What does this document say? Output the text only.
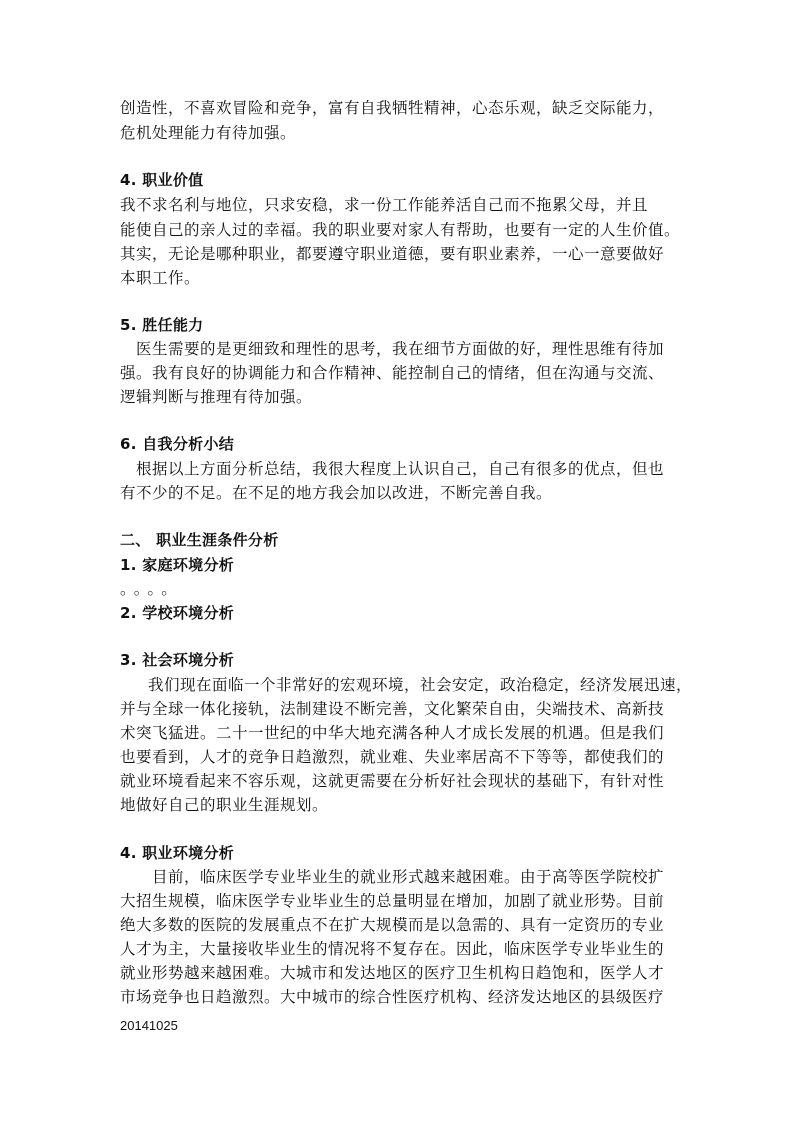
创造性，不喜欢冒险和竞争，富有自我牺牲精神，心态乐观，缺乏交际能力，
危机处理能力有待加强。
4. 职业价值
我不求名利与地位，只求安稳，求一份工作能养活自己而不拖累父母，并且
能使自己的亲人过的幸福。我的职业要对家人有帮助，也要有一定的人生价值。
其实，无论是哪种职业，都要遵守职业道德，要有职业素养，一心一意要做好
本职工作。
5. 胜任能力
医生需要的是更细致和理性的思考，我在细节方面做的好，理性思维有待加
强。我有良好的协调能力和合作精神、能控制自己的情绪，但在沟通与交流、
逻辑判断与推理有待加强。
6. 自我分析小结
根据以上方面分析总结，我很大程度上认识自己，自己有很多的优点，但也
有不少的不足。在不足的地方我会加以改进，不断完善自我。
二、 职业生涯条件分析
1. 家庭环境分析
。。。。
2. 学校环境分析
3. 社会环境分析
我们现在面临一个非常好的宏观环境，社会安定，政治稳定，经济发展迅速，
并与全球一体化接轨，法制建设不断完善，文化繁荣自由，尖端技术、高新技
术突飞猛进。二十一世纪的中华大地充满各种人才成长发展的机遇。但是我们
也要看到，人才的竞争日趋激烈，就业难、失业率居高不下等等，都使我们的
就业环境看起来不容乐观，这就更需要在分析好社会现状的基础下，有针对性
地做好自己的职业生涯规划。
4. 职业环境分析
目前，临床医学专业毕业生的就业形式越来越困难。由于高等医学院校扩
大招生规模，临床医学专业毕业生的总量明显在增加，加剧了就业形势。目前
绝大多数的医院的发展重点不在扩大规模而是以急需的、具有一定资历的专业
人才为主，大量接收毕业生的情况将不复存在。因此，临床医学专业毕业生的
就业形势越来越困难。大城市和发达地区的医疗卫生机构日趋饱和，医学人才
市场竞争也日趋激烈。大中城市的综合性医疗机构、经济发达地区的县级医疗
20141025
